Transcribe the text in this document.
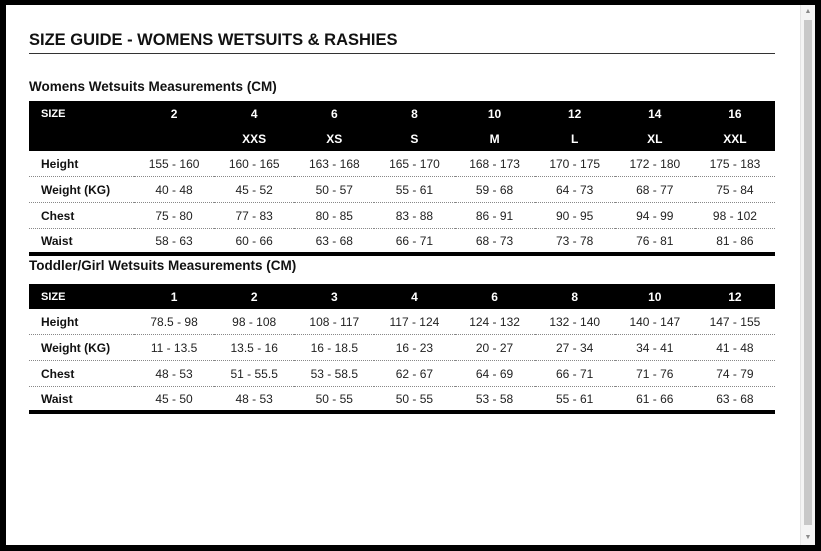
SIZE GUIDE - WOMENS WETSUITS & RASHIES
Womens Wetsuits Measurements (CM)
SIZE	2	4	6	8	10	12	14	16
		XXS	XS	S	M	L	XL	XXL
Height	155 - 160	160 - 165	163 - 168	165 - 170	168 - 173	170 - 175	172 - 180	175 - 183
Weight (KG)	40 - 48	45 - 52	50 - 57	55 - 61	59 - 68	64 - 73	68 - 77	75 - 84
Chest	75 - 80	77 - 83	80 - 85	83 - 88	86 - 91	90 - 95	94 - 99	98 - 102
Waist	58 - 63	60 - 66	63 - 68	66 - 71	68 - 73	73 - 78	76 - 81	81 - 86
Toddler/Girl Wetsuits Measurements (CM)
SIZE	1	2	3	4	6	8	10	12
Height	78.5 - 98	98 - 108	108 - 117	117 - 124	124 - 132	132 - 140	140 - 147	147 - 155
Weight (KG)	11 - 13.5	13.5 - 16	16 - 18.5	16 - 23	20 - 27	27 - 34	34 - 41	41 - 48
Chest	48 - 53	51 - 55.5	53 - 58.5	62 - 67	64 - 69	66 - 71	71 - 76	74 - 79
Waist	45 - 50	48 - 53	50 - 55	50 - 55	53 - 58	55 - 61	61 - 66	63 - 68
▲
▼
